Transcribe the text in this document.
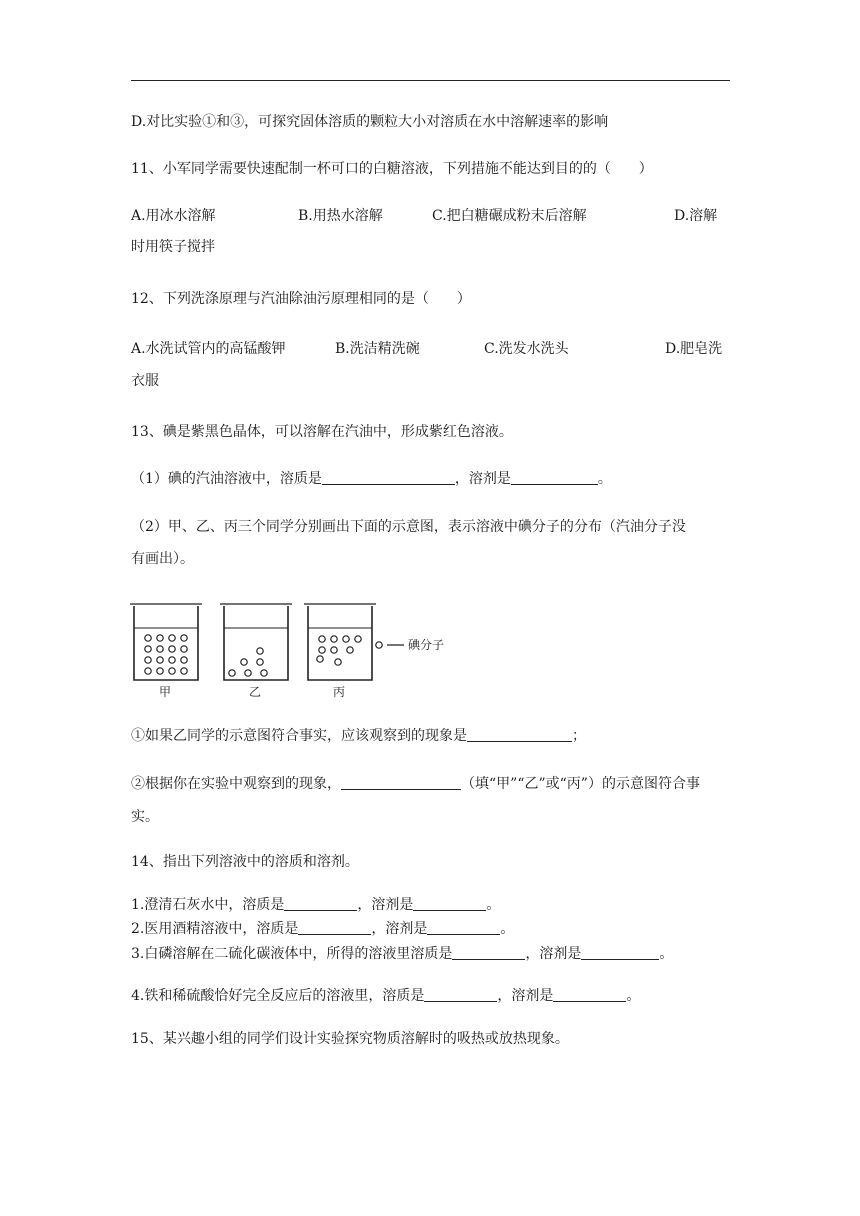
D.对比实验①和③，可探究固体溶质的颗粒大小对溶质在水中溶解速率的影响
11、小军同学需要快速配制一杯可口的白糖溶液，下列措施不能达到目的的（　　）
A.用冰水溶解	B.用热水溶解	C.把白糖碾成粉末后溶解	D.溶解
时用筷子搅拌
12、下列洗涤原理与汽油除油污原理相同的是（　　）
A.水洗试管内的高锰酸钾	B.洗洁精洗碗	C.洗发水洗头	D.肥皂洗
衣服
13、碘是紫黑色晶体，可以溶解在汽油中，形成紫红色溶液。
（1）碘的汽油溶液中，溶质是	，溶剂是	。
（2）甲、乙、丙三个同学分别画出下面的示意图，表示溶液中碘分子的分布（汽油分子没
有画出）。
碘分子
甲	乙	丙
①如果乙同学的示意图符合事实，应该观察到的现象是	；
②根据你在实验中观察到的现象，	（填“甲”“乙”或“丙”）的示意图符合事
实。
14、指出下列溶液中的溶质和溶剂。
1.澄清石灰水中，溶质是	，溶剂是	。
2.医用酒精溶液中，溶质是	，溶剂是	。
3.白磷溶解在二硫化碳液体中，所得的溶液里溶质是	，溶剂是	。
4.铁和稀硫酸恰好完全反应后的溶液里，溶质是	，溶剂是	。
15、某兴趣小组的同学们设计实验探究物质溶解时的吸热或放热现象。
